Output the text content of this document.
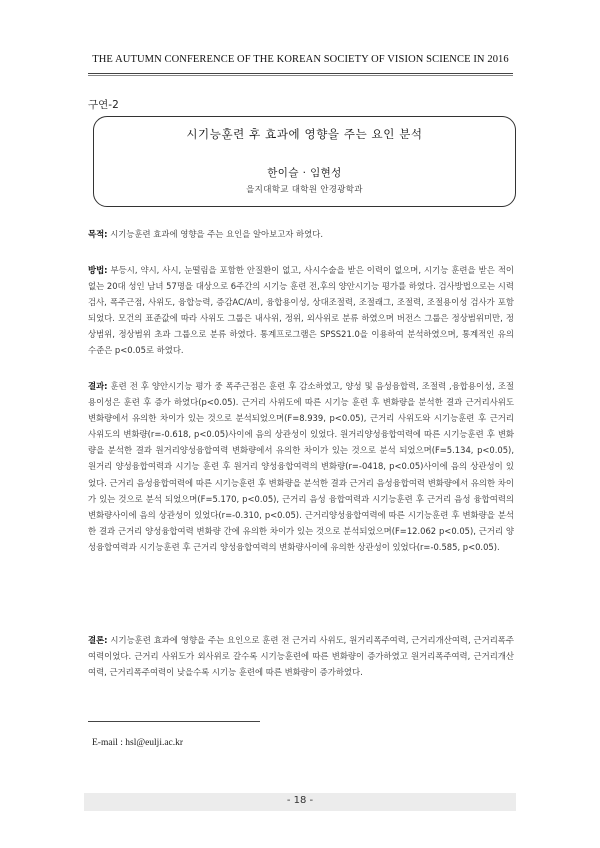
THE AUTUMN CONFERENCE OF THE KOREAN SOCIETY OF VISION SCIENCE IN 2016
구연-2
시기능훈련 후 효과에 영향을 주는 요인 분석
한이슬 · 임현성
을지대학교 대학원 안경광학과
목적: 시기능훈련 효과에 영향을 주는 요인을 알아보고자 하였다.
방법: 부등시, 약시, 사시, 눈떨림을 포함한 안질환이 없고, 사시수술을 받은 이력이 없으며, 시기능 훈련을 받은 적이 없는 20대 성인 남녀 57명을 대상으로 6주간의 시기능 훈련 전,후의 양안시기능 평가를 하였다. 검사방법으로는 시력검사, 폭주근점, 사위도, 융합능력, 증감AC/A비, 융합용이성, 상대조절력, 조절래그, 조절력, 조절용이성 검사가 포함되었다. 모건의 표준값에 따라 사위도 그룹은 내사위, 정위, 외사위로 분류 하였으며 버전스 그룹은 정상범위미만, 정상범위, 정상범위 초과 그룹으로 분류 하였다. 통계프로그램은 SPSS21.0을 이용하여 분석하였으며, 통계적인 유의 수준은 p<0.05로 하였다.
결과: 훈련 전 후 양안시기능 평가 중 폭주근점은 훈련 후 감소하였고, 양성 및 음성융합력, 조절력 ,융합용이성, 조절용이성은 훈련 후 증가 하였다(p<0.05). 근거리 사위도에 따른 시기능 훈련 후 변화량을 분석한 결과 근거리사위도 변화량에서 유의한 차이가 있는 것으로 분석되었으며(F=8.939, p<0.05), 근거리 사위도와 시기능훈련 후 근거리 사위도의 변화량(r=-0.618, p<0.05)사이에 음의 상관성이 있었다. 원거리양성융합여력에 따른 시기능훈련 후 변화량을 분석한 결과 원거리양성융합여력 변화량에서 유의한 차이가 있는 것으로 분석 되었으며(F=5.134, p<0.05), 원거리 양성융합여력과 시기능 훈련 후 원거리 양성융합여력의 변화량(r=-0418, p<0.05)사이에 음의 상관성이 있었다. 근거리 음성융합여력에 따른 시기능훈련 후 변화량을 분석한 결과 근거리 음성융합여력 변화량에서 유의한 차이가 있는 것으로 분석 되었으며(F=5.170, p<0.05), 근거리 음성 융합여력과 시기능훈련 후 근거리 음성 융합여력의 변화량사이에 음의 상관성이 있었다(r=-0.310, p<0.05). 근거리양성융합여력에 따른 시기능훈련 후 변화량을 분석한 결과 근거리 양성융합여력 변화량 간에 유의한 차이가 있는 것으로 분석되었으며(F=12.062 p<0.05), 근거리 양성융합여력과 시기능훈련 후 근거리 양성융합여력의 변화량사이에 유의한 상관성이 있었다(r=-0.585, p<0.05).
결론: 시기능훈련 효과에 영향을 주는 요인으로 훈련 전 근거리 사위도, 원거리폭주여력, 근거리개산여력, 근거리폭주여력이었다. 근거리 사위도가 외사위로 갈수록 시기능훈련에 따른 변화량이 증가하였고 원거리폭주여력, 근거리개산여력, 근거리폭주여력이 낮을수록 시기능 훈련에 따른 변화량이 증가하였다.
E-mail : hsl@eulji.ac.kr
- 18 -
